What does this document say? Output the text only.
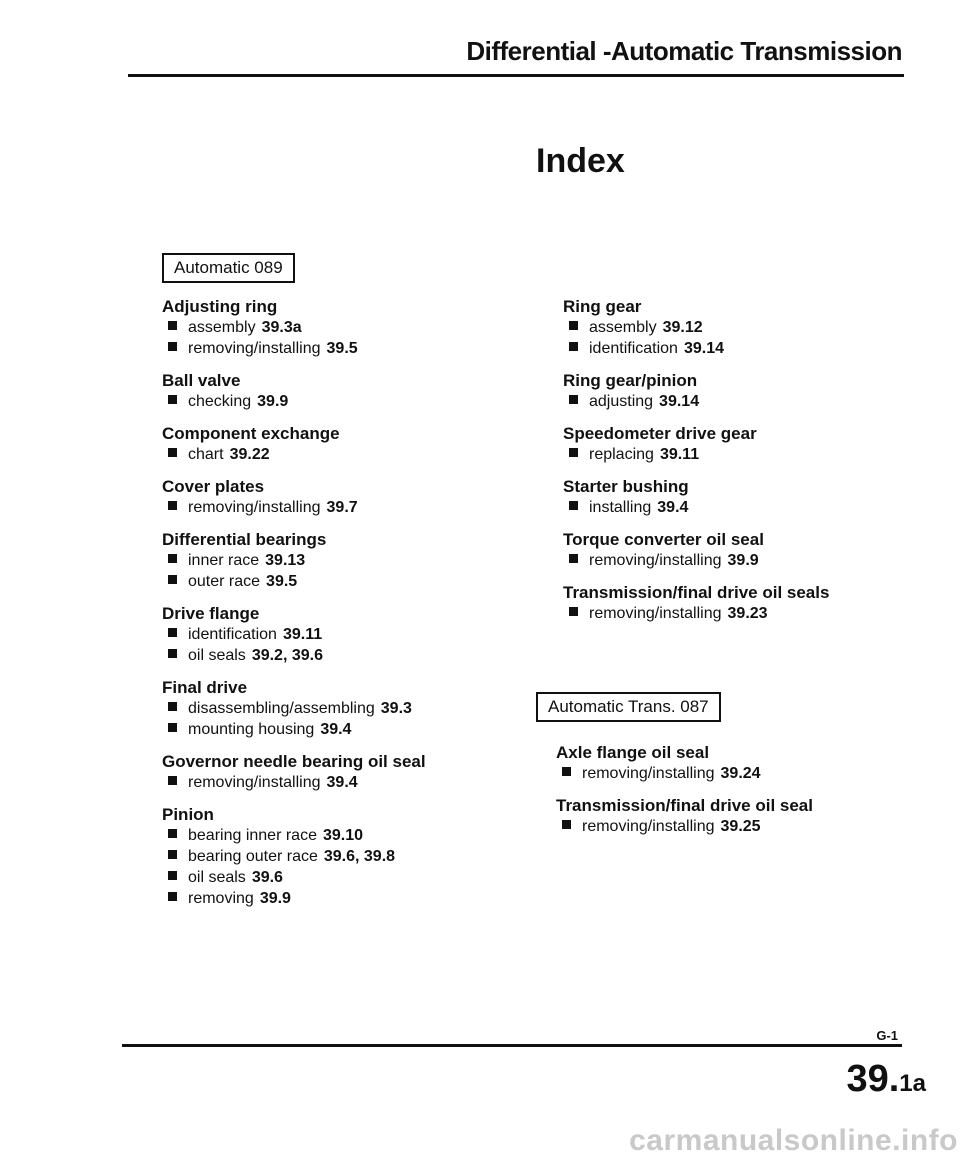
Differential -Automatic Transmission
Index
Automatic 089
Adjusting ring
assembly 39.3a
removing/installing 39.5
Ball valve
checking 39.9
Component exchange
chart 39.22
Cover plates
removing/installing 39.7
Differential bearings
inner race 39.13
outer race 39.5
Drive flange
identification 39.11
oil seals 39.2, 39.6
Final drive
disassembling/assembling 39.3
mounting housing 39.4
Governor needle bearing oil seal
removing/installing 39.4
Pinion
bearing inner race 39.10
bearing outer race 39.6, 39.8
oil seals 39.6
removing 39.9
Ring gear
assembly 39.12
identification 39.14
Ring gear/pinion
adjusting 39.14
Speedometer drive gear
replacing 39.11
Starter bushing
installing 39.4
Torque converter oil seal
removing/installing 39.9
Transmission/final drive oil seals
removing/installing 39.23
Automatic Trans. 087
Axle flange oil seal
removing/installing 39.24
Transmission/final drive oil seal
removing/installing 39.25
G-1
39.1a
carmanualsonline.info
